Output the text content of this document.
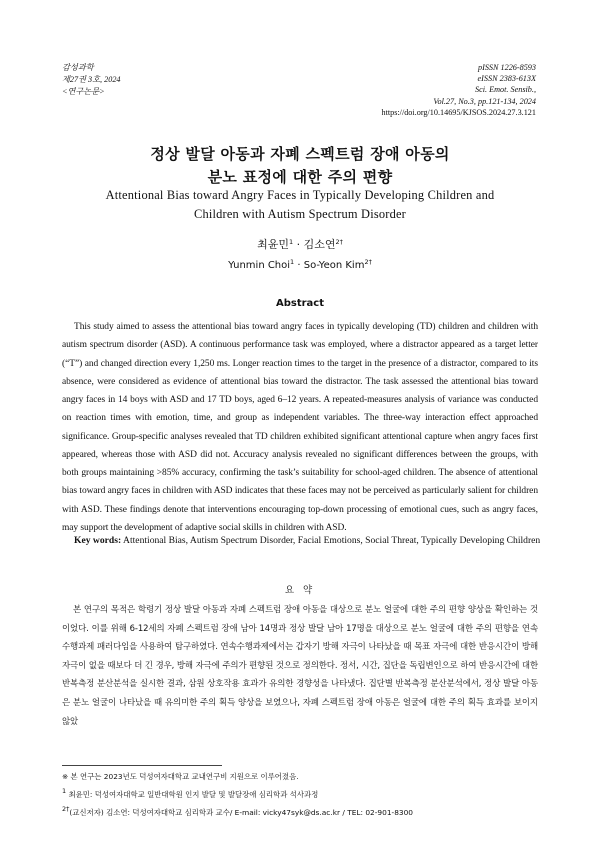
감성과학
제27권 3호, 2024
<연구논문>
pISSN 1226-8593
eISSN 2383-613X
Sci. Emot. Sensib.,
Vol.27, No.3, pp.121-134, 2024
https://doi.org/10.14695/KJSOS.2024.27.3.121
정상 발달 아동과 자폐 스펙트럼 장애 아동의
분노 표정에 대한 주의 편향
Attentional Bias toward Angry Faces in Typically Developing Children and
Children with Autism Spectrum Disorder
최윤민$^1$ · 김소연$^{2\dagger}$
Yunmin Choi$^1$ · So-Yeon Kim$^{2\dagger}$
Abstract

This study aimed to assess the attentional bias toward angry faces in typically developing (TD) children and children with autism spectrum disorder (ASD). A continuous performance task was employed, where a distractor appeared as a target letter (“T”) and changed direction every 1,250 ms. Longer reaction times to the target in the presence of a distractor, compared to its absence, were considered as evidence of attentional bias toward the distractor. The task assessed the attentional bias toward angry faces in 14 boys with ASD and 17 TD boys, aged 6–12 years. A repeated-measures analysis of variance was conducted on reaction times with emotion, time, and group as independent variables. The three-way interaction effect approached significance. Group-specific analyses revealed that TD children exhibited significant attentional capture when angry faces first appeared, whereas those with ASD did not. Accuracy analysis revealed no significant differences between the groups, with both groups maintaining >85% accuracy, confirming the task’s suitability for school-aged children. The absence of attentional bias toward angry faces in children with ASD indicates that these faces may not be perceived as particularly salient for children with ASD. These findings denote that interventions encouraging top-down processing of emotional cues, such as angry faces, may support the development of adaptive social skills in children with ASD.

Key words: Attentional Bias, Autism Spectrum Disorder, Facial Emotions, Social Threat, Typically Developing Children
요 약

본 연구의 목적은 학령기 정상 발달 아동과 자폐 스펙트럼 장애 아동을 대상으로 분노 얼굴에 대한 주의 편향 양상을 확인하는 것이었다. 이를 위해 6-12세의 자폐 스펙트럼 장애 남아 14명과 정상 발달 남아 17명을 대상으로 분노 얼굴에 대한 주의 편향을 연속수행과제 패러다임을 사용하여 탐구하였다. 연속수행과제에서는 갑자기 방해 자극이 나타났을 때 목표 자극에 대한 반응시간이 방해 자극이 없을 때보다 더 긴 경우, 방해 자극에 주의가 편향된 것으로 정의한다. 정서, 시간, 집단을 독립변인으로 하여 반응시간에 대한 반복측정 분산분석을 실시한 결과, 삼원 상호작용 효과가 유의한 경향성을 나타냈다. 집단별 반복측정 분산분석에서, 정상 발달 아동은 분노 얼굴이 나타났을 때 유의미한 주의 획득 양상을 보였으나, 자폐 스펙트럼 장애 아동은 얼굴에 대한 주의 획득 효과를 보이지 않았

※ 본 연구는 2023년도 덕성여자대학교 교내연구비 지원으로 이루어졌음.
$^1$ 최윤민: 덕성여자대학교 일반대학원 인지 발달 및 발달장애 심리학과 석사과정
$^{2\dagger}$(교신저자) 김소연: 덕성여자대학교 심리학과 교수/ E-mail: vicky47syk@ds.ac.kr / TEL: 02-901-8300
